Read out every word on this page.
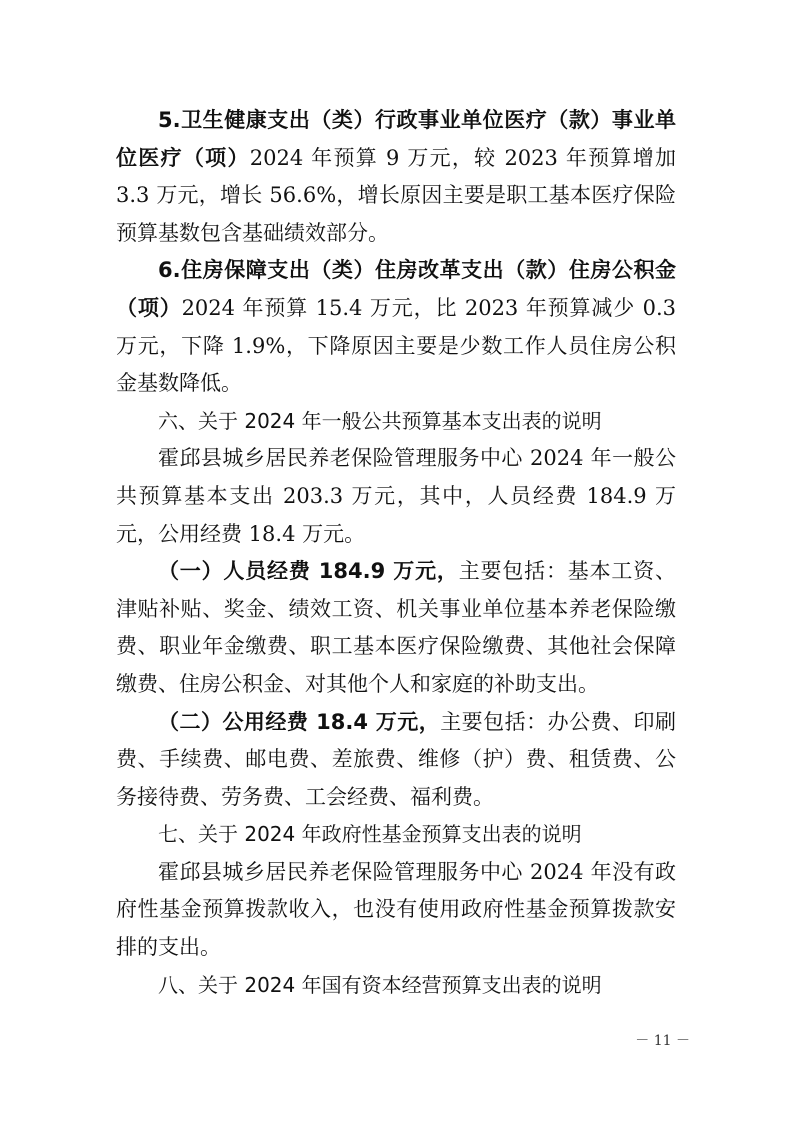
5.卫生健康支出（类）行政事业单位医疗（款）事业单位医疗（项）2024 年预算 9 万元，较 2023 年预算增加 3.3 万元，增长 56.6%，增长原因主要是职工基本医疗保险预算基数包含基础绩效部分。

6.住房保障支出（类）住房改革支出（款）住房公积金（项）2024 年预算 15.4 万元，比 2023 年预算减少 0.3 万元，下降 1.9%，下降原因主要是少数工作人员住房公积金基数降低。

六、关于 2024 年一般公共预算基本支出表的说明

霍邱县城乡居民养老保险管理服务中心 2024 年一般公共预算基本支出 203.3 万元，其中，人员经费 184.9 万元，公用经费 18.4 万元。

（一）人员经费 184.9 万元，主要包括：基本工资、津贴补贴、奖金、绩效工资、机关事业单位基本养老保险缴费、职业年金缴费、职工基本医疗保险缴费、其他社会保障缴费、住房公积金、对其他个人和家庭的补助支出。

（二）公用经费 18.4 万元，主要包括：办公费、印刷费、手续费、邮电费、差旅费、维修（护）费、租赁费、公务接待费、劳务费、工会经费、福利费。

七、关于 2024 年政府性基金预算支出表的说明

霍邱县城乡居民养老保险管理服务中心 2024 年没有政府性基金预算拨款收入，也没有使用政府性基金预算拨款安排的支出。

八、关于 2024 年国有资本经营预算支出表的说明

－ 11 －
